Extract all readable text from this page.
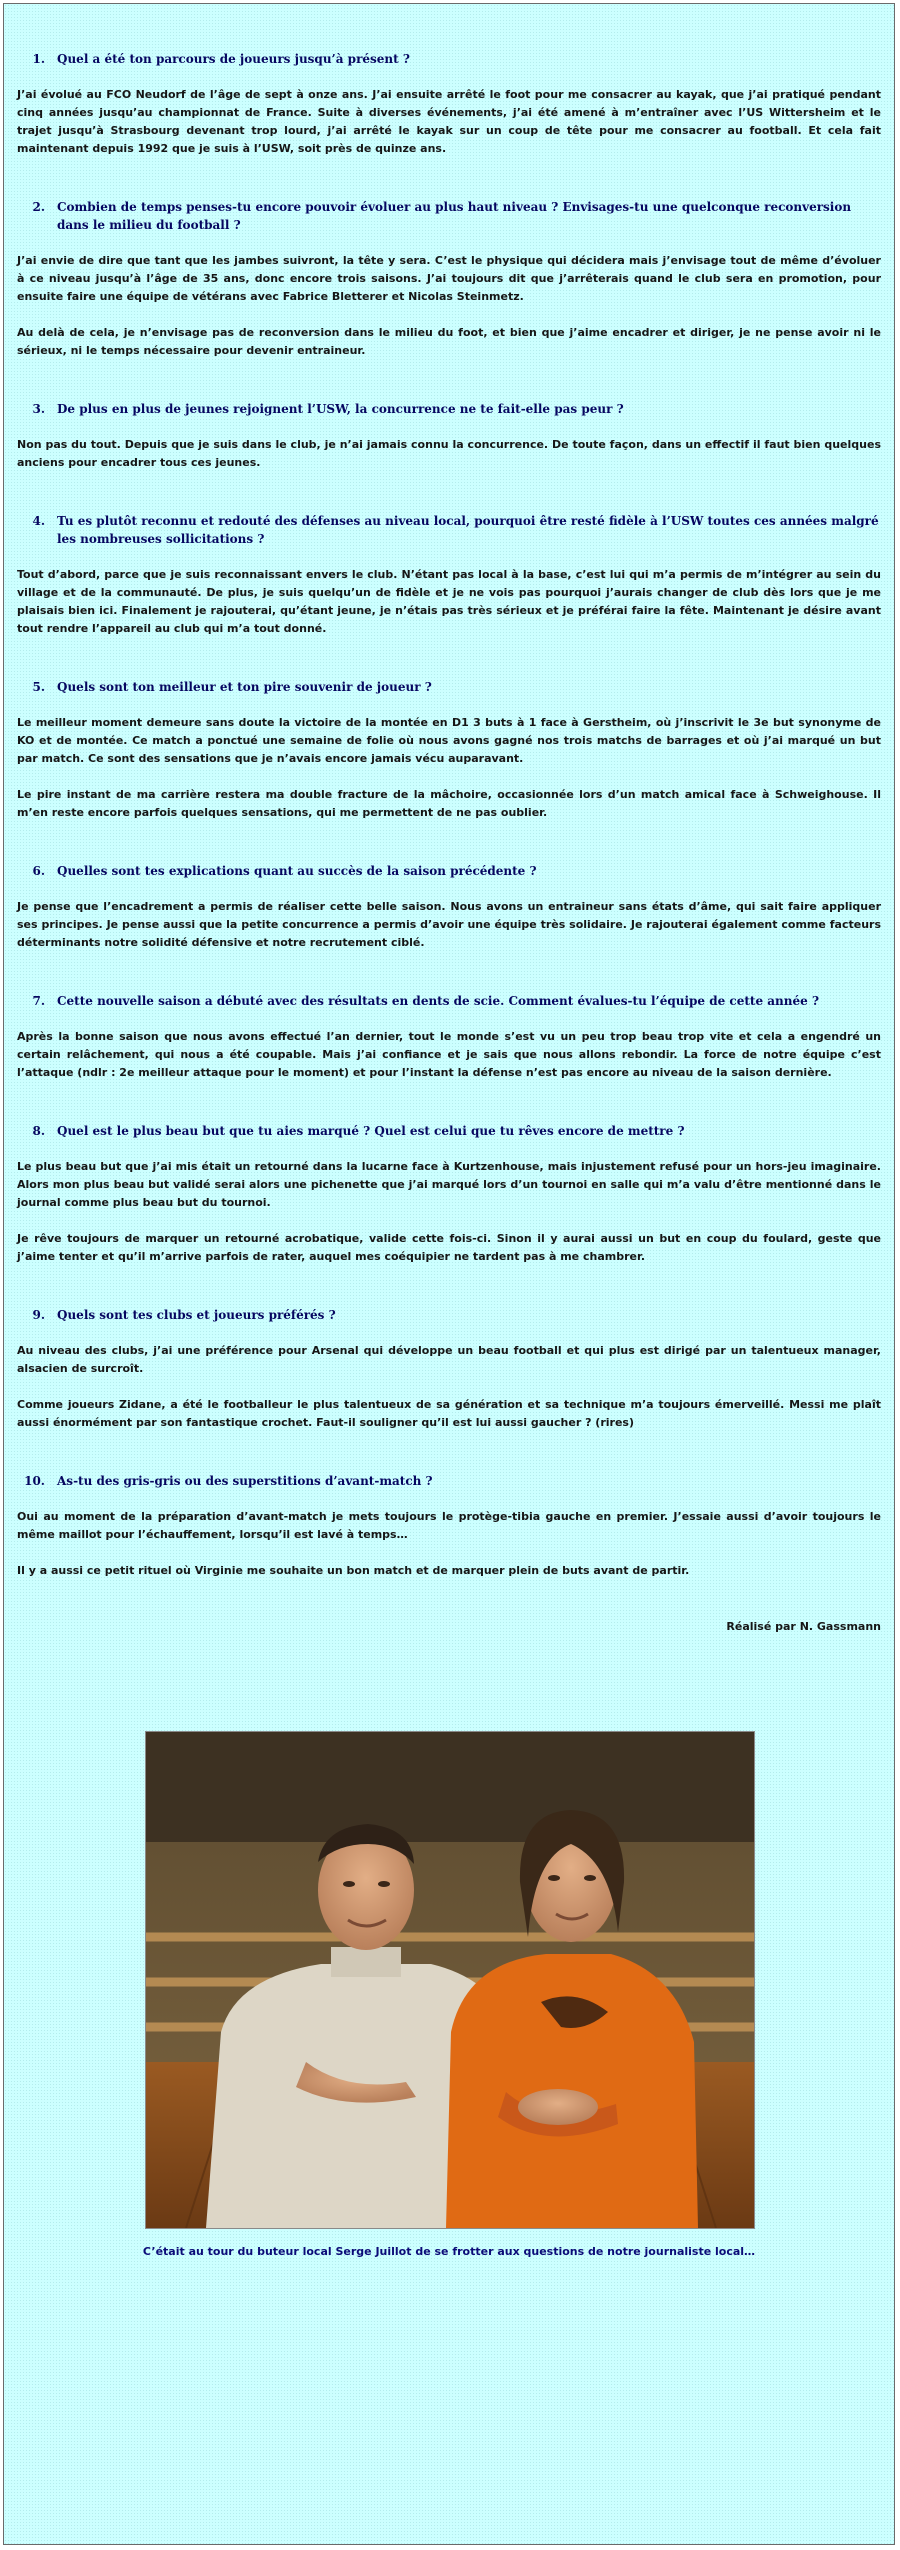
1.	Quel a été ton parcours de joueurs jusqu’à présent ?

J’ai évolué au FCO Neudorf de l’âge de sept à onze ans. J’ai ensuite arrêté le foot pour me consacrer au kayak, que j’ai pratiqué pendant cinq années jusqu’au championnat de France. Suite à diverses événements, j’ai été amené à m’entraîner avec l’US Wittersheim et le trajet jusqu’à Strasbourg devenant trop lourd, j’ai arrêté le kayak sur un coup de tête pour me consacrer au football. Et cela fait maintenant depuis 1992 que je suis à l’USW, soit près de quinze ans.

2.	Combien de temps penses-tu encore pouvoir évoluer au plus haut niveau ? Envisages-tu une quelconque reconversion dans le milieu du football ?

J’ai envie de dire que tant que les jambes suivront, la tête y sera. C’est le physique qui décidera mais j’envisage tout de même d’évoluer à ce niveau jusqu’à l’âge de 35 ans, donc encore trois saisons. J’ai toujours dit que j’arrêterais quand le club sera en promotion, pour ensuite faire une équipe de vétérans avec Fabrice Bletterer et Nicolas Steinmetz.

Au delà de cela, je n’envisage pas de reconversion dans le milieu du foot, et bien que j’aime encadrer et diriger, je ne pense avoir ni le sérieux, ni le temps nécessaire pour devenir entraineur.

3.	De plus en plus de jeunes rejoignent l’USW, la concurrence ne te fait-elle pas peur ?

Non pas du tout. Depuis que je suis dans le club, je n’ai jamais connu la concurrence. De toute façon, dans un effectif il faut bien quelques anciens pour encadrer tous ces jeunes.

4.	Tu es plutôt reconnu et redouté des défenses au niveau local, pourquoi être resté fidèle à l’USW toutes ces années malgré les nombreuses sollicitations ?

Tout d’abord, parce que je suis reconnaissant envers le club. N’étant pas local à la base, c’est lui qui m’a permis de m’intégrer au sein du village et de la communauté. De plus, je suis quelqu’un de fidèle et je ne vois pas pourquoi j’aurais changer de club dès lors que je me plaisais bien ici. Finalement je rajouterai, qu’étant jeune, je n’étais pas très sérieux et je préférai faire la fête. Maintenant je désire avant tout rendre l’appareil au club qui m’a tout donné.

5.	Quels sont ton meilleur et ton pire souvenir de joueur ?

Le meilleur moment demeure sans doute la victoire de la montée en D1 3 buts à 1 face à Gerstheim, où j’inscrivit le 3e but synonyme de KO et de montée. Ce match a ponctué une semaine de folie où nous avons gagné nos trois matchs de barrages et où j’ai marqué un but par match. Ce sont des sensations que je n’avais encore jamais vécu auparavant.

Le pire instant de ma carrière restera ma double fracture de la mâchoire, occasionnée lors d’un match amical face à Schweighouse. Il m’en reste encore parfois quelques sensations, qui me permettent de ne pas oublier.

6.	Quelles sont tes explications quant au succès de la saison précédente ?

Je pense que l’encadrement a permis de réaliser cette belle saison. Nous avons un entraineur sans états d’âme, qui sait faire appliquer ses principes. Je pense aussi que la petite concurrence a permis d’avoir une équipe très solidaire. Je rajouterai également comme facteurs déterminants notre solidité défensive et notre recrutement ciblé.

7.	Cette nouvelle saison a débuté avec des résultats en dents de scie. Comment évalues-tu l’équipe de cette année ?

Après la bonne saison que nous avons effectué l’an dernier, tout le monde s’est vu un peu trop beau trop vite et cela a engendré un certain relâchement, qui nous a été coupable. Mais j’ai confiance et je sais que nous allons rebondir. La force de notre équipe c’est l’attaque (ndlr : 2e meilleur attaque pour le moment) et pour l’instant la défense n’est pas encore au niveau de la saison dernière.

8.	Quel est le plus beau but que tu aies marqué ? Quel est celui que tu rêves encore de mettre ?

Le plus beau but que j’ai mis était un retourné dans la lucarne face à Kurtzenhouse, mais injustement refusé pour un hors-jeu imaginaire. Alors mon plus beau but validé serai alors une pichenette que j’ai marqué lors d’un tournoi en salle qui m’a valu d’être mentionné dans le journal comme plus beau but du tournoi.

Je rêve toujours de marquer un retourné acrobatique, valide cette fois-ci. Sinon il y aurai aussi un but en coup du foulard, geste que j’aime tenter et qu’il m’arrive parfois de rater, auquel mes coéquipier ne tardent pas à me chambrer.

9.	Quels sont tes clubs et joueurs préférés ?

Au niveau des clubs, j’ai une préférence pour Arsenal qui développe un beau football et qui plus est dirigé par un talentueux manager, alsacien de surcroît.

Comme joueurs Zidane, a été le footballeur le plus talentueux de sa génération et sa technique m’a toujours émerveillé. Messi me plaît aussi énormément par son fantastique crochet. Faut-il souligner qu’il est lui aussi gaucher ? (rires)

10.	As-tu des gris-gris ou des superstitions d’avant-match ?

Oui au moment de la préparation d’avant-match je mets toujours le protège-tibia gauche en premier. J’essaie aussi d’avoir toujours le même maillot pour l’échauffement, lorsqu’il est lavé à temps…

Il y a aussi ce petit rituel où Virginie me souhaite un bon match et de marquer plein de buts avant de partir.

Réalisé par N. Gassmann
C’était au tour du buteur local Serge Juillot de se frotter aux questions de notre journaliste local…
